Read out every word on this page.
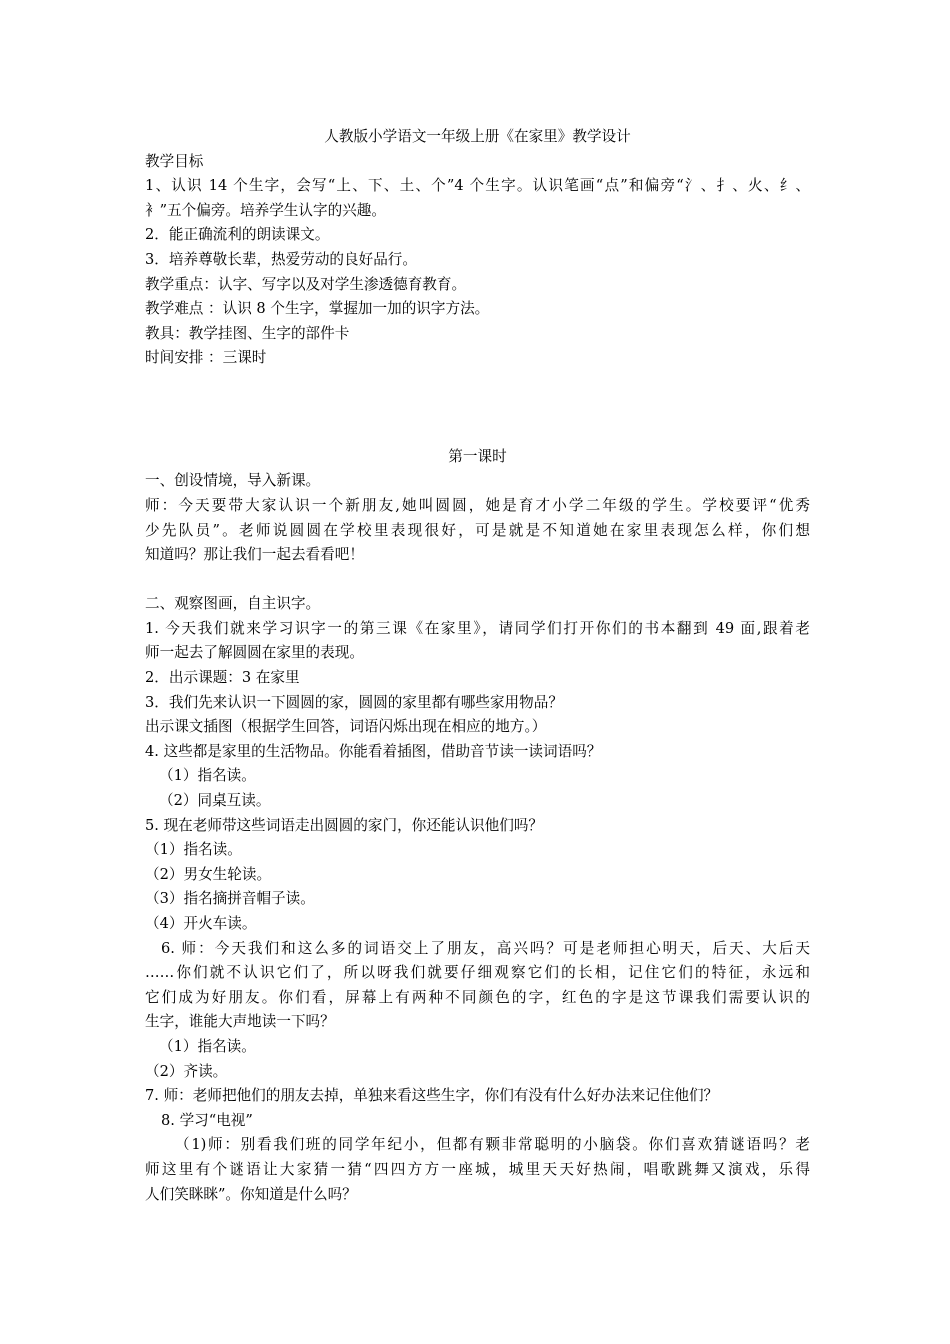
人教版小学语文一年级上册《在家里》教学设计
教学目标
1、认识 14 个生字，会写“上、下、土、个”4 个生字。认识笔画“点”和偏旁“氵、扌、火、纟、
衤”五个偏旁。培养学生认字的兴趣。
2．能正确流利的朗读课文。
3．培养尊敬长辈，热爱劳动的良好品行。
教学重点：认字、写字以及对学生渗透德育教育。
教学难点 ：认识 8 个生字，掌握加一加的识字方法。
教具：教学挂图、生字的部件卡
时间安排 ：三课时
第一课时
一、创设情境，导入新课。
师：今天要带大家认识一个新朋友,她叫圆圆，她是育才小学二年级的学生。学校要评“优秀
少先队员”。老师说圆圆在学校里表现很好，可是就是不知道她在家里表现怎么样，你们想
知道吗？那让我们一起去看看吧！
二、观察图画，自主识字。
1. 今天我们就来学习识字一的第三课《在家里》，请同学们打开你们的书本翻到 49 面,跟着老
师一起去了解圆圆在家里的表现。
2．出示课题：3 在家里
3．我们先来认识一下圆圆的家，圆圆的家里都有哪些家用物品？
出示课文插图（根据学生回答，词语闪烁出现在相应的地方。）
4. 这些都是家里的生活物品。你能看着插图，借助音节读一读词语吗？
（1）指名读。
（2）同桌互读。
5. 现在老师带这些词语走出圆圆的家门，你还能认识他们吗？
（1）指名读。
（2）男女生轮读。
（3）指名摘拼音帽子读。
（4）开火车读。
6. 师：今天我们和这么多的词语交上了朋友，高兴吗？可是老师担心明天，后天、大后天
……你们就不认识它们了，所以呀我们就要仔细观察它们的长相，记住它们的特征，永远和
它们成为好朋友。你们看，屏幕上有两种不同颜色的字，红色的字是这节课我们需要认识的
生字，谁能大声地读一下吗？
（1）指名读。
（2）齐读。
7. 师：老师把他们的朋友去掉，单独来看这些生字，你们有没有什么好办法来记住他们？
8. 学习“电视”
（1)师：别看我们班的同学年纪小，但都有颗非常聪明的小脑袋。你们喜欢猜谜语吗？老
师这里有个谜语让大家猜一猜“四四方方一座城，城里天天好热闹，唱歌跳舞又演戏，乐得
人们笑眯眯”。你知道是什么吗？
